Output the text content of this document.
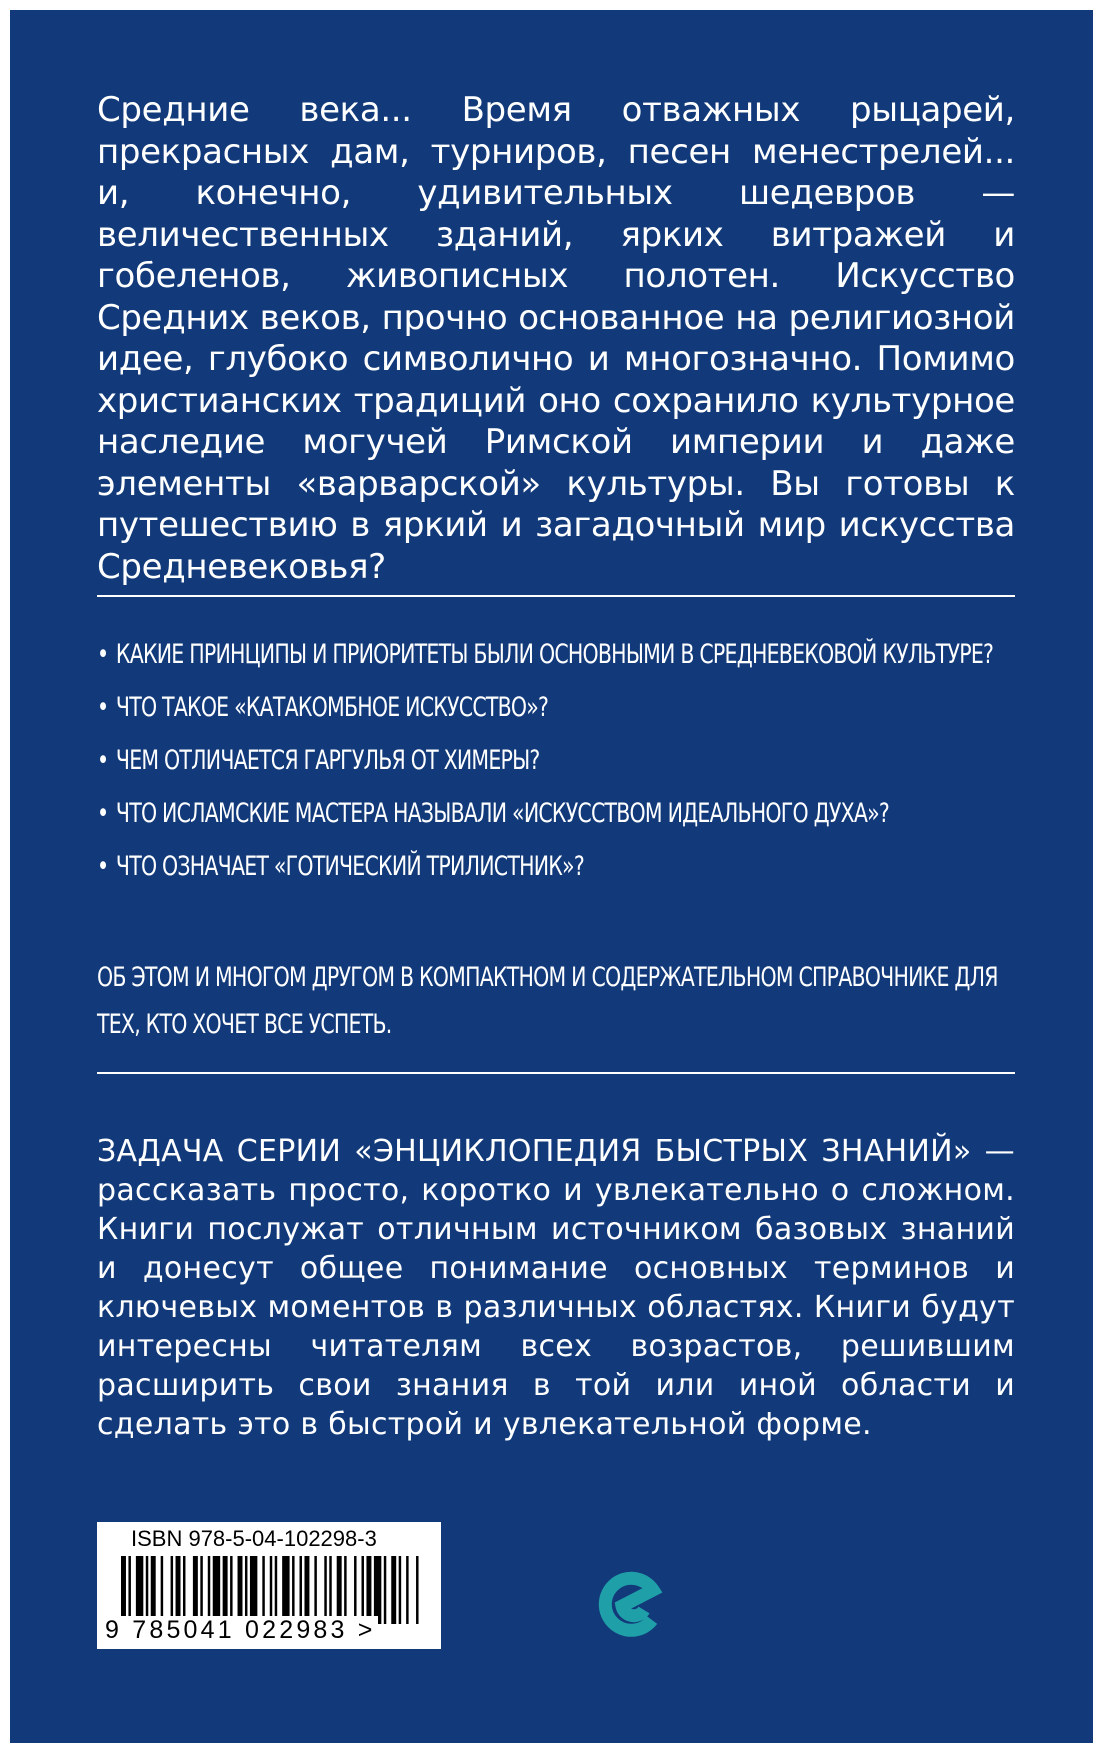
Средние века... Время отважных рыцарей, прекрасных дам, турниров, песен менестрелей... и, конечно, удивительных шедевров — величественных зданий, ярких витражей и гобеленов, живописных полотен. Искусство Средних веков, прочно основанное на религиозной идее, глубоко символично и многозначно. Помимо христианских традиций оно сохранило культурное наследие могучей Римской империи и даже элементы «варварской» культуры. Вы готовы к путешествию в яркий и загадочный мир искусства Средневековья?

• КАКИЕ ПРИНЦИПЫ И ПРИОРИТЕТЫ БЫЛИ ОСНОВНЫМИ В СРЕДНЕВЕКОВОЙ КУЛЬТУРЕ?
• ЧТО ТАКОЕ «КАТАКОМБНОЕ ИСКУССТВО»?
• ЧЕМ ОТЛИЧАЕТСЯ ГАРГУЛЬЯ ОТ ХИМЕРЫ?
• ЧТО ИСЛАМСКИЕ МАСТЕРА НАЗЫВАЛИ «ИСКУССТВОМ ИДЕАЛЬНОГО ДУХА»?
• ЧТО ОЗНАЧАЕТ «ГОТИЧЕСКИЙ ТРИЛИСТНИК»?

ОБ ЭТОМ И МНОГОМ ДРУГОМ В КОМПАКТНОМ И СОДЕРЖАТЕЛЬНОМ СПРАВОЧНИКЕ ДЛЯ ТЕХ, КТО ХОЧЕТ ВСЕ УСПЕТЬ.

ЗАДАЧА СЕРИИ «ЭНЦИКЛОПЕДИЯ БЫСТРЫХ ЗНАНИЙ» — рассказать просто, коротко и увлекательно о сложном. Книги послужат отличным источником базовых знаний и донесут общее понимание основных терминов и ключевых моментов в различных областях. Книги будут интересны читателям всех возрастов, решившим расширить свои знания в той или иной области и сделать это в быстрой и увлекательной форме.

ISBN 978-5-04-102298-3
9 785041 022983 >
